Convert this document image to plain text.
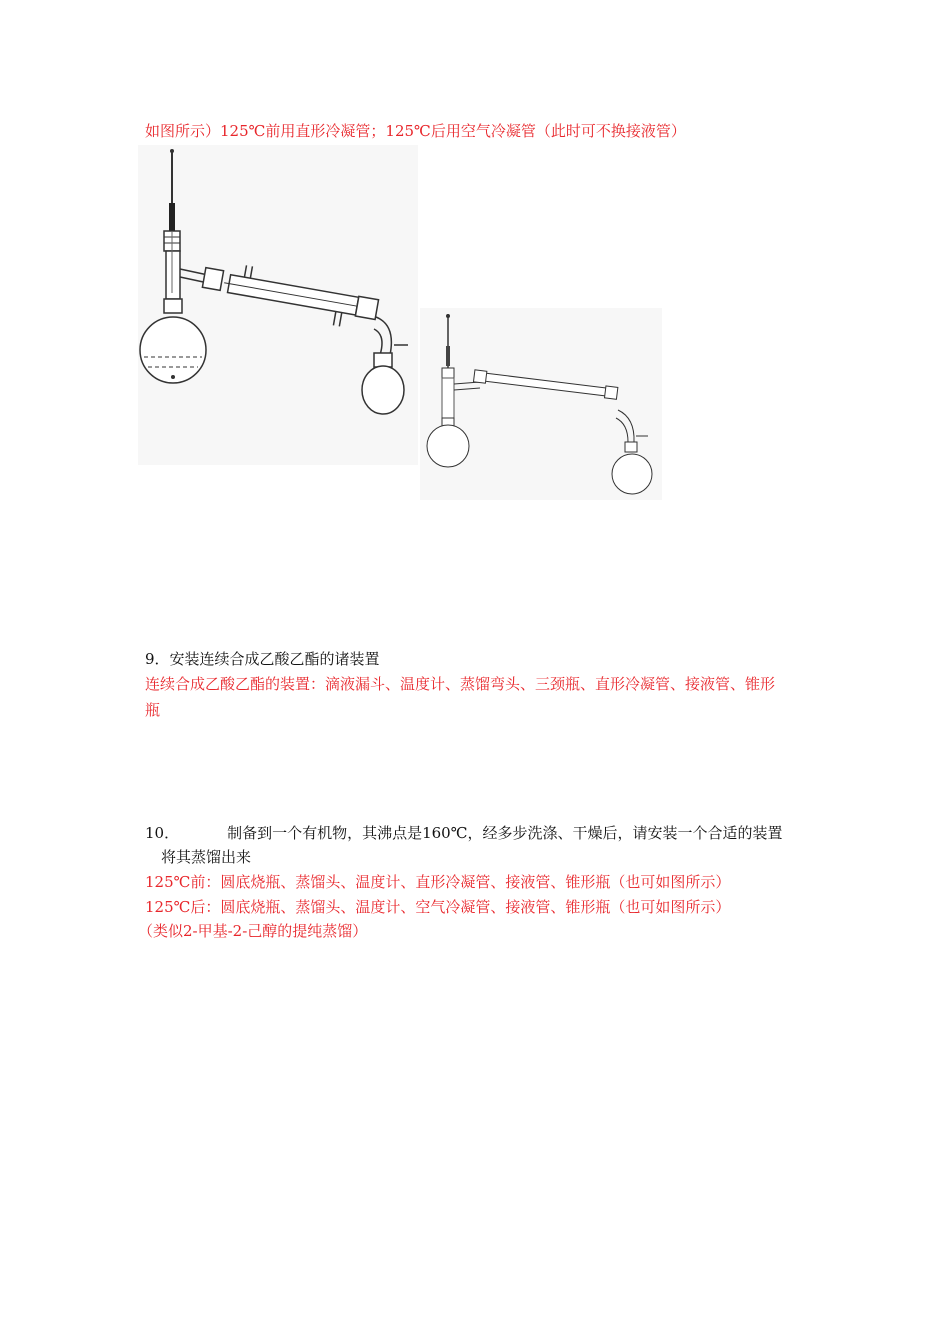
如图所示）125℃前用直形冷凝管；125℃后用空气冷凝管（此时可不换接液管）
9．安装连续合成乙酸乙酯的诸装置
连续合成乙酸乙酯的装置：滴液漏斗、温度计、蒸馏弯头、三颈瓶、直形冷凝管、接液管、锥形
瓶
10．	制备到一个有机物，其沸点是160℃，经多步洗涤、干燥后，请安装一个合适的装置
将其蒸馏出来
125℃前：圆底烧瓶、蒸馏头、温度计、直形冷凝管、接液管、锥形瓶（也可如图所示）
125℃后：圆底烧瓶、蒸馏头、温度计、空气冷凝管、接液管、锥形瓶（也可如图所示）
（类似2-甲基-2-己醇的提纯蒸馏）
